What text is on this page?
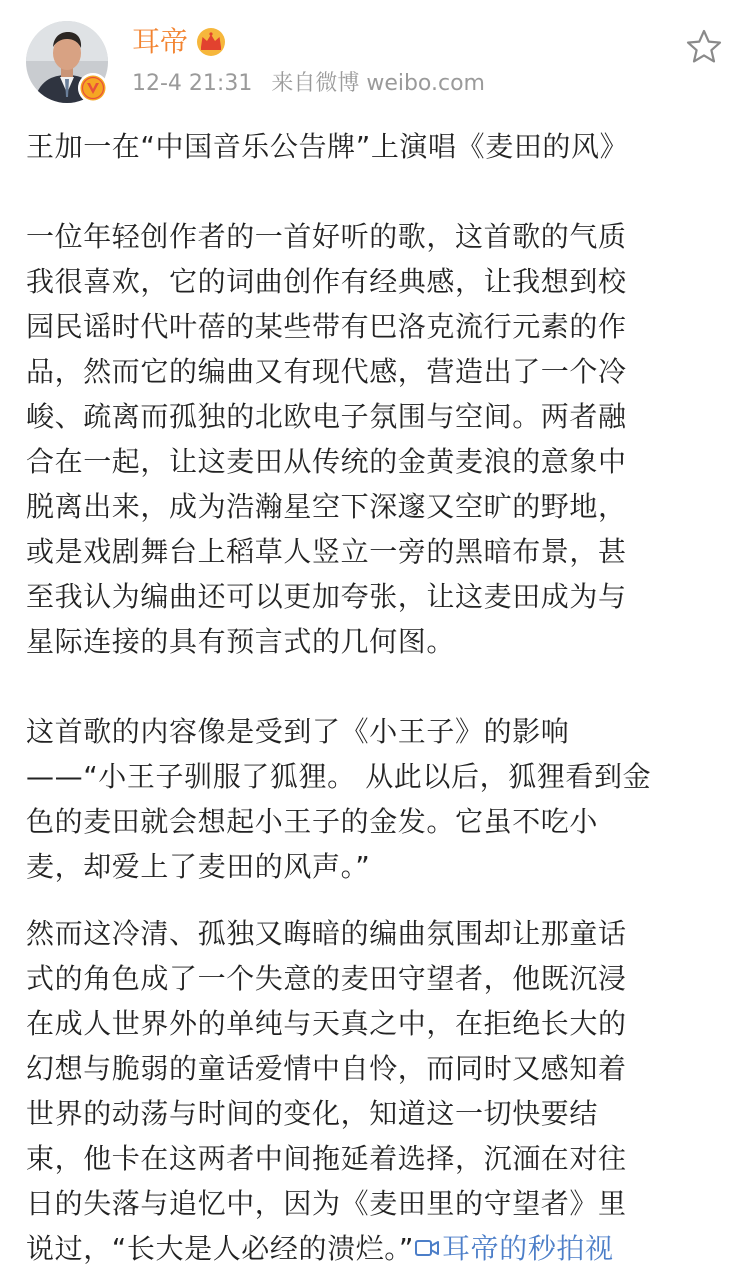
耳帝
12-4 21:31 来自微博 weibo.com
王加一在“中国音乐公告牌”上演唱《麦田的风》
一位年轻创作者的一首好听的歌，这首歌的气质
我很喜欢，它的词曲创作有经典感，让我想到校
园民谣时代叶蓓的某些带有巴洛克流行元素的作
品，然而它的编曲又有现代感，营造出了一个冷
峻、疏离而孤独的北欧电子氛围与空间。两者融
合在一起，让这麦田从传统的金黄麦浪的意象中
脱离出来，成为浩瀚星空下深邃又空旷的野地，
或是戏剧舞台上稻草人竖立一旁的黑暗布景，甚
至我认为编曲还可以更加夸张，让这麦田成为与
星际连接的具有预言式的几何图。
这首歌的内容像是受到了《小王子》的影响
——“小王子驯服了狐狸。 从此以后，狐狸看到金
色的麦田就会想起小王子的金发。它虽不吃小
麦，却爱上了麦田的风声。”
然而这冷清、孤独又晦暗的编曲氛围却让那童话
式的角色成了一个失意的麦田守望者，他既沉浸
在成人世界外的单纯与天真之中，在拒绝长大的
幻想与脆弱的童话爱情中自怜，而同时又感知着
世界的动荡与时间的变化，知道这一切快要结
束，他卡在这两者中间拖延着选择，沉湎在对往
日的失落与追忆中，因为《麦田里的守望者》里
说过，“长大是人必经的溃烂。” 耳帝的秒拍视
